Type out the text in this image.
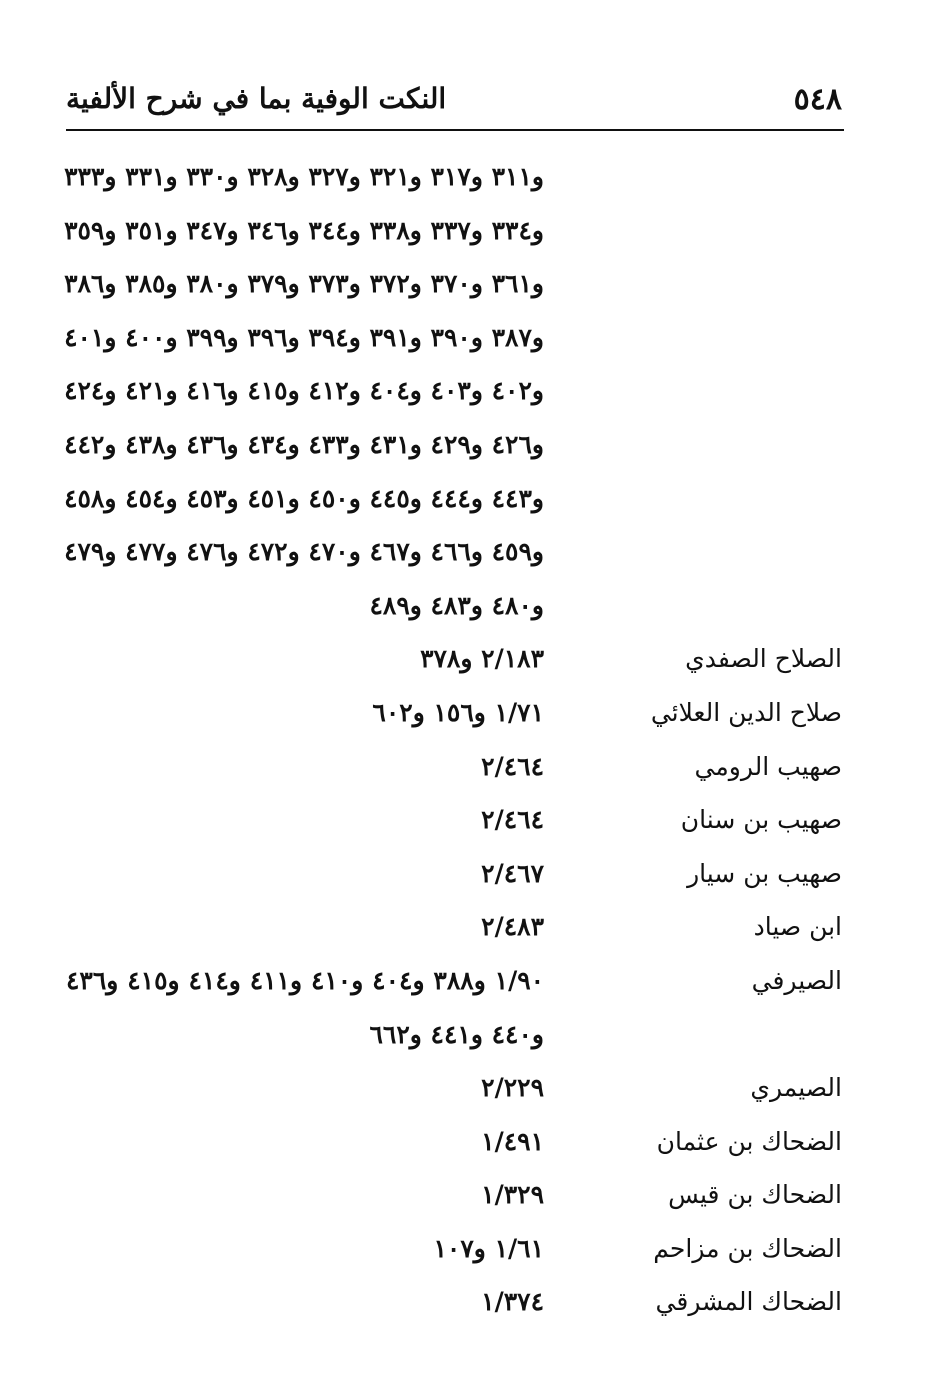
٥٤٨
النكت الوفية بما في شرح الألفية
و٣١١ و٣١٧ و٣٢١ و٣٢٧ و٣٢٨ و٣٣٠ و٣٣١ و٣٣٣
و٣٣٤ و٣٣٧ و٣٣٨ و٣٤٤ و٣٤٦ و٣٤٧ و٣٥١ و٣٥٩
و٣٦١ و٣٧٠ و٣٧٢ و٣٧٣ و٣٧٩ و٣٨٠ و٣٨٥ و٣٨٦
و٣٨٧ و٣٩٠ و٣٩١ و٣٩٤ و٣٩٦ و٣٩٩ و٤٠٠ و٤٠١
و٤٠٢ و٤٠٣ و٤٠٤ و٤١٢ و٤١٥ و٤١٦ و٤٢١ و٤٢٤
و٤٢٦ و٤٢٩ و٤٣١ و٤٣٣ و٤٣٤ و٤٣٦ و٤٣٨ و٤٤٢
و٤٤٣ و٤٤٤ و٤٤٥ و٤٥٠ و٤٥١ و٤٥٣ و٤٥٤ و٤٥٨
و٤٥٩ و٤٦٦ و٤٦٧ و٤٧٠ و٤٧٢ و٤٧٦ و٤٧٧ و٤٧٩
و٤٨٠ و٤٨٣ و٤٨٩
الصلاح الصفدي
٢/١٨٣ و٣٧٨
صلاح الدين العلائي
١/٧١ و١٥٦ و٦٠٢
صهيب الرومي
٢/٤٦٤
صهيب بن سنان
٢/٤٦٤
صهيب بن سيار
٢/٤٦٧
ابن صياد
٢/٤٨٣
الصيرفي
١/٩٠ و٣٨٨ و٤٠٤ و٤١٠ و٤١١ و٤١٤ و٤١٥ و٤٣٦
و٤٤٠ و٤٤١ و٦٦٢
الصيمري
٢/٢٢٩
الضحاك بن عثمان
١/٤٩١
الضحاك بن قيس
١/٣٢٩
الضحاك بن مزاحم
١/٦١ و١٠٧
الضحاك المشرقي
١/٣٧٤
